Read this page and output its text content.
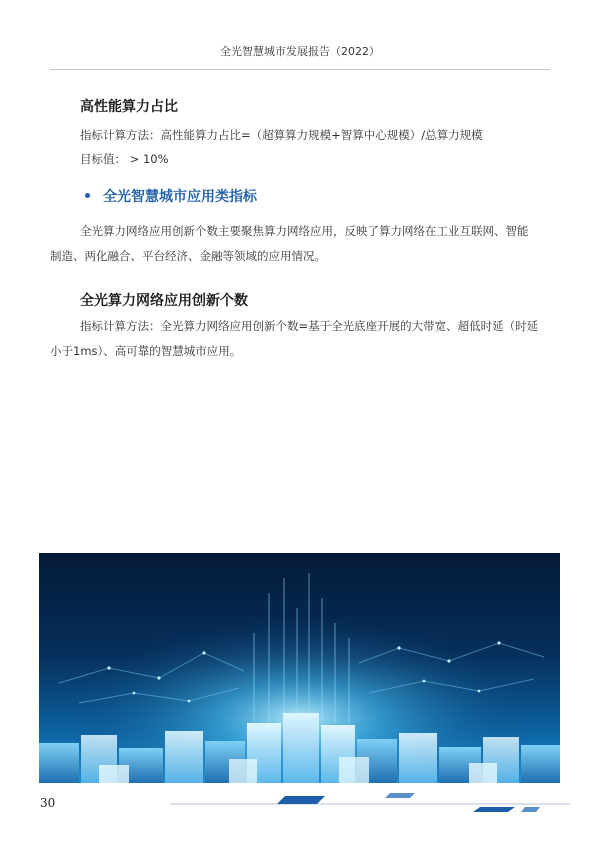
全光智慧城市发展报告（2022）
高性能算力占比
指标计算方法：高性能算力占比=（超算算力规模+智算中心规模）/总算力规模
目标值： > 10%
全光智慧城市应用类指标
全光算力网络应用创新个数主要聚焦算力网络应用，反映了算力网络在工业互联网、智能
制造、两化融合、平台经济、金融等领域的应用情况。
全光算力网络应用创新个数
指标计算方法：全光算力网络应用创新个数=基于全光底座开展的大带宽、超低时延（时延
小于1ms）、高可靠的智慧城市应用。
30
